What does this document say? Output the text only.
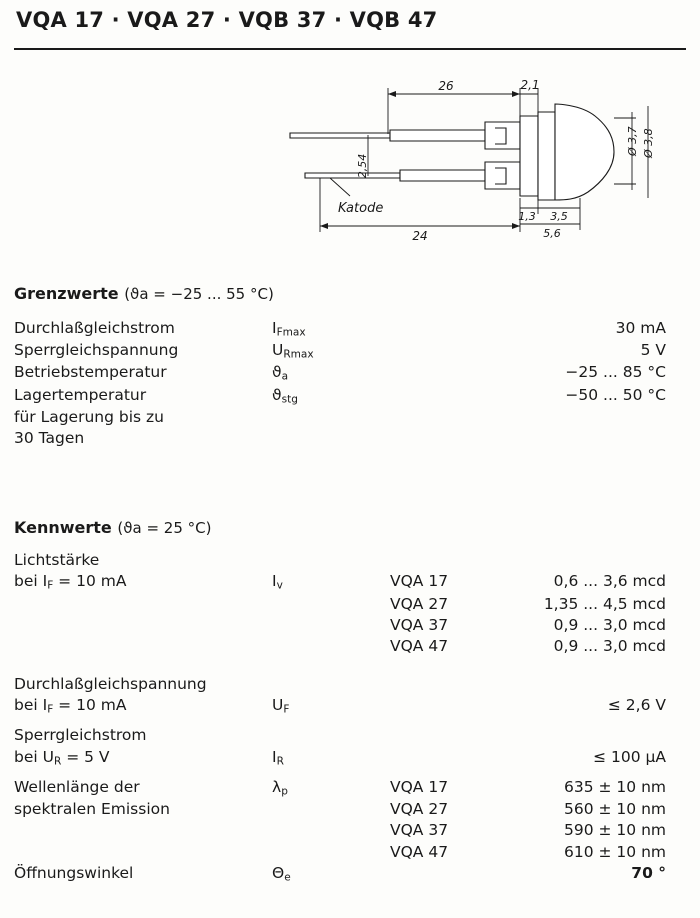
VQA 17 · VQA 27 · VQB 37 · VQB 47
26	2,1
24
1,3 3,5
5,6
2,54
Ø 3,7 Ø 3,8
Katode
Grenzwerte (ϑa = −25 ... 55 °C)
Durchlaßgleichstrom	$I_{Fmax}$	30 mA
Sperrgleichspannung	$U_{Rmax}$	5 V
Betriebstemperatur	$ϑ_a$	−25 ... 85 °C
Lagertemperatur	$ϑ_{stg}$	−50 ... 50 °C
für Lagerung bis zu
30 Tagen
Kennwerte (ϑa = 25 °C)
Lichtstärke
bei $I_F = 10$ mA	$I_v$	VQA 17	0,6 ... 3,6 mcd
VQA 27	1,35 ... 4,5 mcd
VQA 37	0,9 ... 3,0 mcd
VQA 47	0,9 ... 3,0 mcd
Durchlaßgleichspannung
bei $I_F = 10$ mA	$U_F$	≤ 2,6 V
Sperrgleichstrom
bei $U_R = 5$ V	$I_R$	≤ 100 µA
Wellenlänge der	$\lambda_p$	VQA 17	635 ± 10 nm
spektralen Emission	VQA 27	560 ± 10 nm
VQA 37	590 ± 10 nm
VQA 47	610 ± 10 nm
Öffnungswinkel	$\Theta_e$	70 °
